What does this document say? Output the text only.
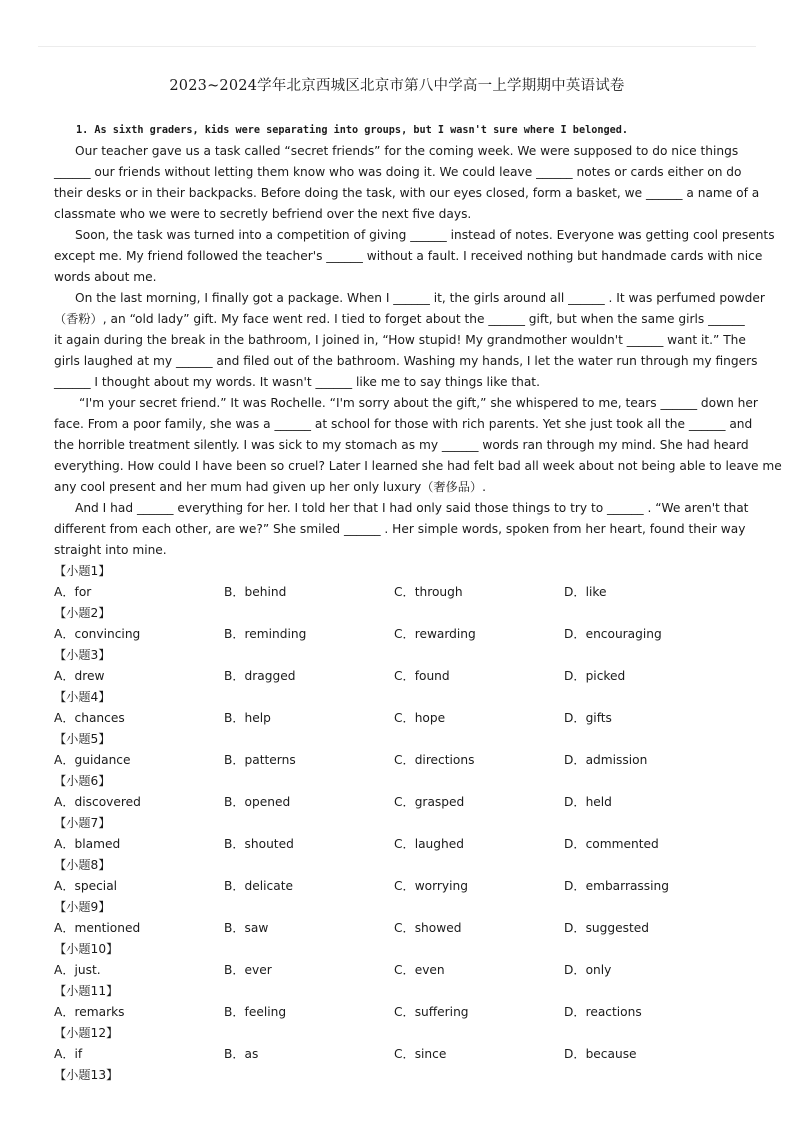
2023~2024学年北京西城区北京市第八中学高一上学期期中英语试卷
1. As sixth graders, kids were separating into groups, but I wasn't sure where I belonged.
Our teacher gave us a task called “secret friends” for the coming week. We were supposed to do nice things
______ our friends without letting them know who was doing it. We could leave ______ notes or cards either on do
their desks or in their backpacks. Before doing the task, with our eyes closed, form a basket, we ______ a name of a
classmate who we were to secretly befriend over the next five days.
Soon, the task was turned into a competition of giving ______ instead of notes. Everyone was getting cool presents
except me. My friend followed the teacher's ______ without a fault. I received nothing but handmade cards with nice
words about me.
On the last morning, I finally got a package. When I ______ it, the girls around all ______ . It was perfumed powder
（香粉）, an “old lady” gift. My face went red. I tied to forget about the ______ gift, but when the same girls ______
it again during the break in the bathroom, I joined in, “How stupid! My grandmother wouldn't ______ want it.” The
girls laughed at my ______ and filed out of the bathroom. Washing my hands, I let the water run through my fingers
______ I thought about my words. It wasn't ______ like me to say things like that.
“I'm your secret friend.” It was Rochelle. “I'm sorry about the gift,” she whispered to me, tears ______ down her
face. From a poor family, she was a ______ at school for those with rich parents. Yet she just took all the ______ and
the horrible treatment silently. I was sick to my stomach as my ______ words ran through my mind. She had heard
everything. How could I have been so cruel? Later I learned she had felt bad all week about not being able to leave me
any cool present and her mum had given up her only luxury（奢侈品）.
And I had ______ everything for her. I told her that I had only said those things to try to ______ . “We aren't that
different from each other, are we?” She smiled ______ . Her simple words, spoken from her heart, found their way
straight into mine.
【小题1】
A．for	B．behind	C．through	D．like
【小题2】
A．convincing	B．reminding	C．rewarding	D．encouraging
【小题3】
A．drew	B．dragged	C．found	D．picked
【小题4】
A．chances	B．help	C．hope	D．gifts
【小题5】
A．guidance	B．patterns	C．directions	D．admission
【小题6】
A．discovered	B．opened	C．grasped	D．held
【小题7】
A．blamed	B．shouted	C．laughed	D．commented
【小题8】
A．special	B．delicate	C．worrying	D．embarrassing
【小题9】
A．mentioned	B．saw	C．showed	D．suggested
【小题10】
A．just.	B．ever	C．even	D．only
【小题11】
A．remarks	B．feeling	C．suffering	D．reactions
【小题12】
A．if	B．as	C．since	D．because
【小题13】
